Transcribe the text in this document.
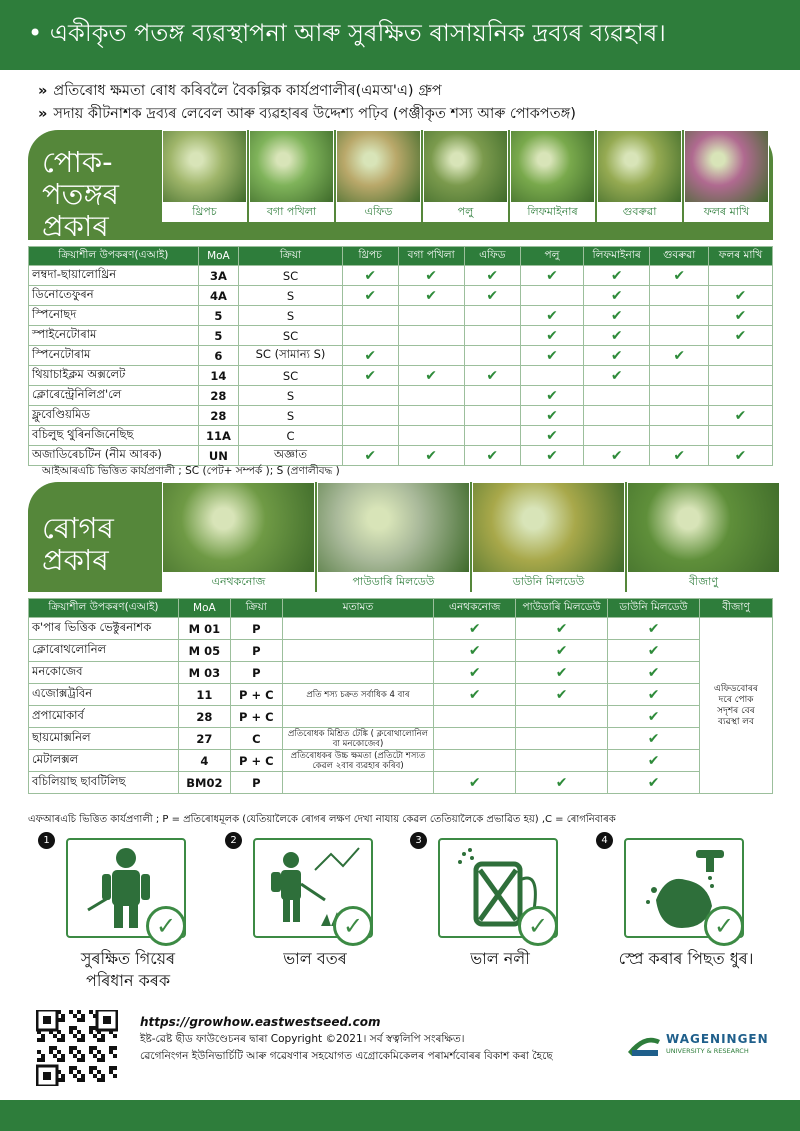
• একীকৃত পতঙ্গ ব্যৱস্থাপনা আৰু সুৰক্ষিত ৰাসায়নিক দ্ৰব্যৰ ব্যৱহাৰ।
» প্ৰতিৰোধ ক্ষমতা ৰোধ কৰিবলৈ বৈকল্পিক কাৰ্যপ্ৰণালীৰ(এমঅ'এ) গ্ৰুপ
» সদায় কীটনাশক দ্ৰব্যৰ লেবেল আৰু ব্যৱহাৰৰ উদ্দেশ্য পঢ়িব (পঞ্জীকৃত শস্য আৰু পোকপতঙ্গ)
পোক-পতঙ্গৰ প্ৰকাৰ	থ্ৰিপচ	বগা পখিলা	এফিড	পলু	লিফমাইনাৰ	গুবৰুৱা	ফলৰ মাখি
ক্ৰিয়াশীল উপকৰণ(এআই)	MoA	ক্ৰিয়া	থ্ৰিপচ	বগা পখিলা	এফিড	পলু	লিফমাইনাৰ	গুবৰুৱা	ফলৰ মাখি
লম্বদা-ছায়ালোথ্ৰিন	3A	SC	✔	✔	✔	✔	✔	✔	
ডিনোতেফুৰন	4A	S	✔	✔	✔		✔		✔
স্পিনোছদ	5	S				✔	✔		✔
স্পাইনেটোৰাম	5	SC				✔	✔		✔
স্পিনেটোৰাম	6	SC (সামান্য S)	✔			✔	✔	✔	
থিয়াচাইক্লম অক্সলেট	14	SC	✔	✔	✔		✔		
ক্লোৰেন্ট্ৰেনিলিপ্ৰ'লে	28	S				✔			
ফ্লুবেণ্ডিয়মিড	28	S				✔			✔
বচিলুছ থুৰিনজিনেছিছ	11A	C				✔			
অজাডিৰেচটিন (নীম আৰক)	UN	অজ্ঞাত	✔	✔	✔	✔	✔	✔	✔
আইআৰএচি ভিত্তিত কাৰ্যপ্ৰণালী ; SC (পেট+ সম্পৰ্ক ); S (প্ৰণালীবদ্ধ )
ৰোগৰ প্ৰকাৰ
এনথকনোজ	পাউডাৰি মিলডেউ	ডাউনি মিলডেউ	বীজাণু
ক্ৰিয়াশীল উপকৰণ(এআই)	MoA	ক্ৰিয়া	মতামত	এনথকনোজ	পাউডাৰি মিলডেউ	ডাউনি মিলডেউ	বীজাণু
ক'পাৰ ভিত্তিক ভেক্টুৰনাশক	M 01	P		✔	✔	✔	এফিডবোৰৰ দৰে পোক সদৃশৰ বেৰ ব্যৱস্থা লব
ক্লোৰোথলোনিল	M 05	P		✔	✔	✔	
মনকোজেব	M 03	P		✔	✔	✔	
এজোক্সট্ৰবিন	11	P + C	প্ৰতি শস্য চক্ৰত সৰ্বাধিক 4 বাৰ	✔	✔	✔	
প্ৰপামোকাৰ্ব	28	P + C				✔	
ছায়মোক্সনিল	27	C	প্ৰতিৰোধক মিশ্ৰিত টেঙ্কি ( ক্লৰোথালোনিল বা মনকোজেব)			✔	
মেটালক্সল	4	P + C	প্ৰতিৰোধকৰ উচ্চ ক্ষমতা (প্ৰতিটো শস্যত কেৱল ২বাৰ ব্যৱহাৰ কৰিব)			✔	
বচিলিয়াছ ছাবটিলিছ	BM02	P		✔	✔	✔	
এফআৰএচি ভিত্তিত কাৰ্যপ্ৰণালী ; P = প্ৰতিৰোধমূলক (যেতিয়ালৈকে ৰোগৰ লক্ষণ দেখা নাযায় কেৱল তেতিয়ালৈকে প্ৰভাৱিত হয়) ,C = ৰোগনিবাৰক
1
✓
সুৰক্ষিত গিয়েৰ পৰিধান কৰক
2
✓
ভাল বতৰ
3
✓
ভাল নলী
4
✓
স্প্ৰে কৰাৰ পিছত ধুৰ।
https://growhow.eastwestseed.com
ইষ্ট-ৱেষ্ট ছীড ফাউণ্ডেচনৰ দ্বাৰা Copyright ©2021। সৰ্ব স্বত্বলিপি সংৰক্ষিত।
ৱেগেনিংগন ইউনিভাৰ্চিটি আৰু গৱেষণাৰ সহযোগত এগ্ৰোকেমিকেলৰ পৰামৰ্শবোৰৰ বিকাশ কৰা হৈছে
WAGENINGEN
UNIVERSITY & RESEARCH
